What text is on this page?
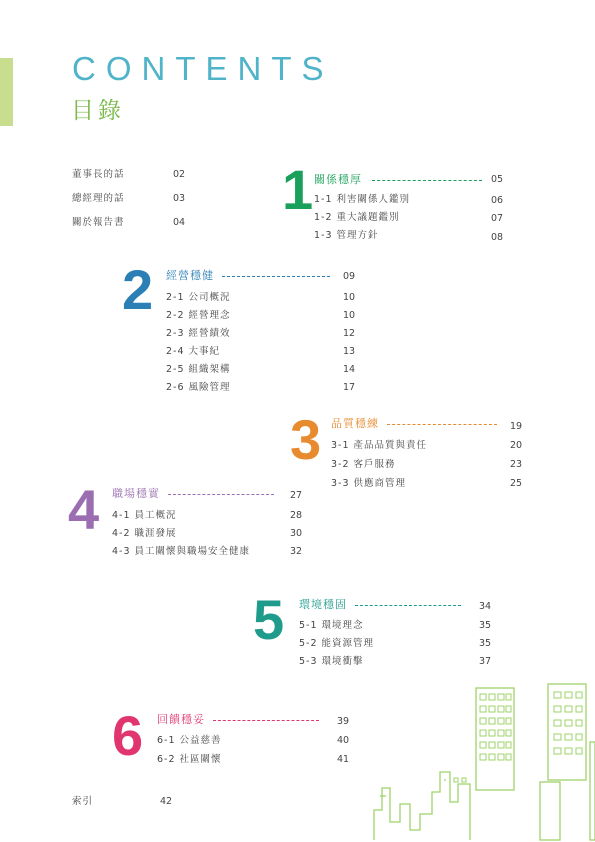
CONTENTS
目錄
董事長的話	02
總經理的話	03
關於報告書	04
1 關係穩厚	05
1-1 利害關係人鑑別	06
1-2 重大議題鑑別	07
1-3 管理方針	08
2 經營穩健	09
2-1 公司概況	10
2-2 經營理念	10
2-3 經營績效	12
2-4 大事紀	13
2-5 組織架構	14
2-6 風險管理	17
3 品質穩練	19
3-1 產品品質與責任	20
3-2 客戶服務	23
3-3 供應商管理	25
4 職場穩實	27
4-1 員工概況	28
4-2 職涯發展	30
4-3 員工關懷與職場安全健康	32
5 環境穩固	34
5-1 環境理念	35
5-2 能資源管理	35
5-3 環境衝擊	37
6 回饋穩妥	39
6-1 公益慈善	40
6-2 社區關懷	41
索引	42
